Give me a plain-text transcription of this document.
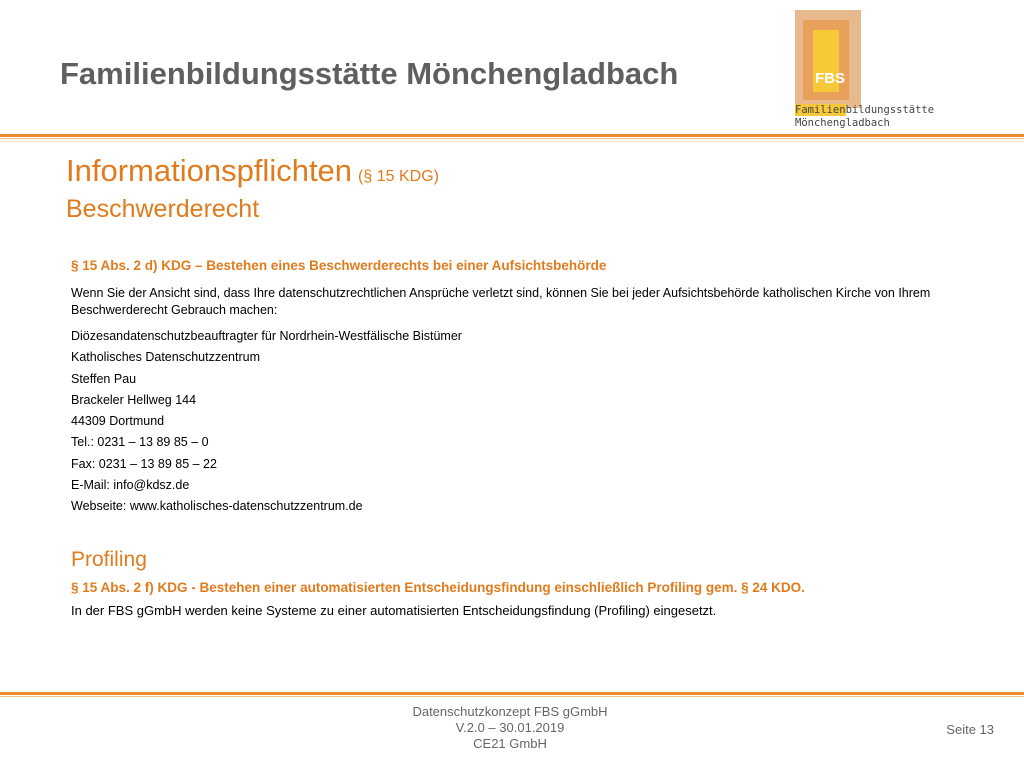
Familienbildungsstätte Mönchengladbach	FBS
Familienbildungsstätte
Mönchengladbach
Informationspflichten (§ 15 KDG)
Beschwerderecht
§ 15 Abs. 2 d) KDG – Bestehen eines Beschwerderechts bei einer Aufsichtsbehörde
Wenn Sie der Ansicht sind, dass Ihre datenschutzrechtlichen Ansprüche verletzt sind, können Sie bei jeder Aufsichtsbehörde katholischen Kirche von Ihrem Beschwerderecht Gebrauch machen:
Diözesandatenschutzbeauftragter für Nordrhein-Westfälische Bistümer
Katholisches Datenschutzzentrum
Steffen Pau
Brackeler Hellweg 144
44309 Dortmund
Tel.: 0231 – 13 89 85 – 0
Fax: 0231 – 13 89 85 – 22
E-Mail: info@kdsz.de
Webseite: www.katholisches-datenschutzzentrum.de
Profiling
§ 15 Abs. 2 f) KDG - Bestehen einer automatisierten Entscheidungsfindung einschließlich Profiling gem. § 24 KDO.
In der FBS gGmbH werden keine Systeme zu einer automatisierten Entscheidungsfindung (Profiling) eingesetzt.
Datenschutzkonzept FBS gGmbH
V.2.0 – 30.01.2019
CE21 GmbH
Seite 13
